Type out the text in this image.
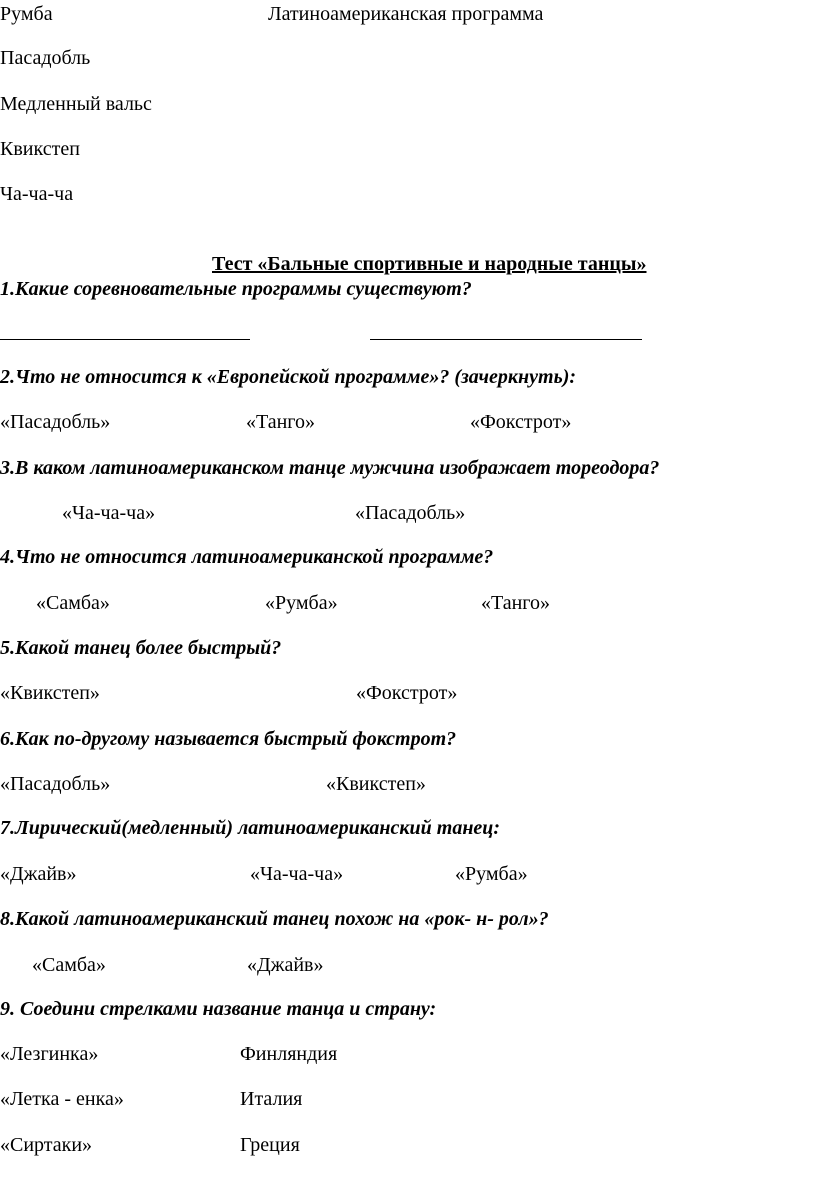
Румба	Латиноамериканская программа
Пасадобль
Медленный вальс
Квикстеп
Ча-ча-ча
Тест «Бальные спортивные и народные танцы»
1.Какие соревновательные программы существуют?
2.Что не относится к «Европейской программе»? (зачеркнуть):
«Пасадобль»	«Танго»	«Фокстрот»
3.В каком латиноамериканском танце мужчина изображает тореодора?
«Ча-ча-ча»	«Пасадобль»
4.Что не относится латиноамериканской программе?
«Самба»	«Румба»	«Танго»
5.Какой танец более быстрый?
«Квикстеп»	«Фокстрот»
6.Как по-другому называется быстрый фокстрот?
«Пасадобль»	«Квикстеп»
7.Лирический(медленный) латиноамериканский танец:
«Джайв»	«Ча-ча-ча»	«Румба»
8.Какой латиноамериканский танец похож на «рок- н- рол»?
«Самба»	«Джайв»
9. Соедини стрелками название танца и страну:
«Лезгинка»	Финляндия
«Летка - енка»	Италия
«Сиртаки»	Греция
